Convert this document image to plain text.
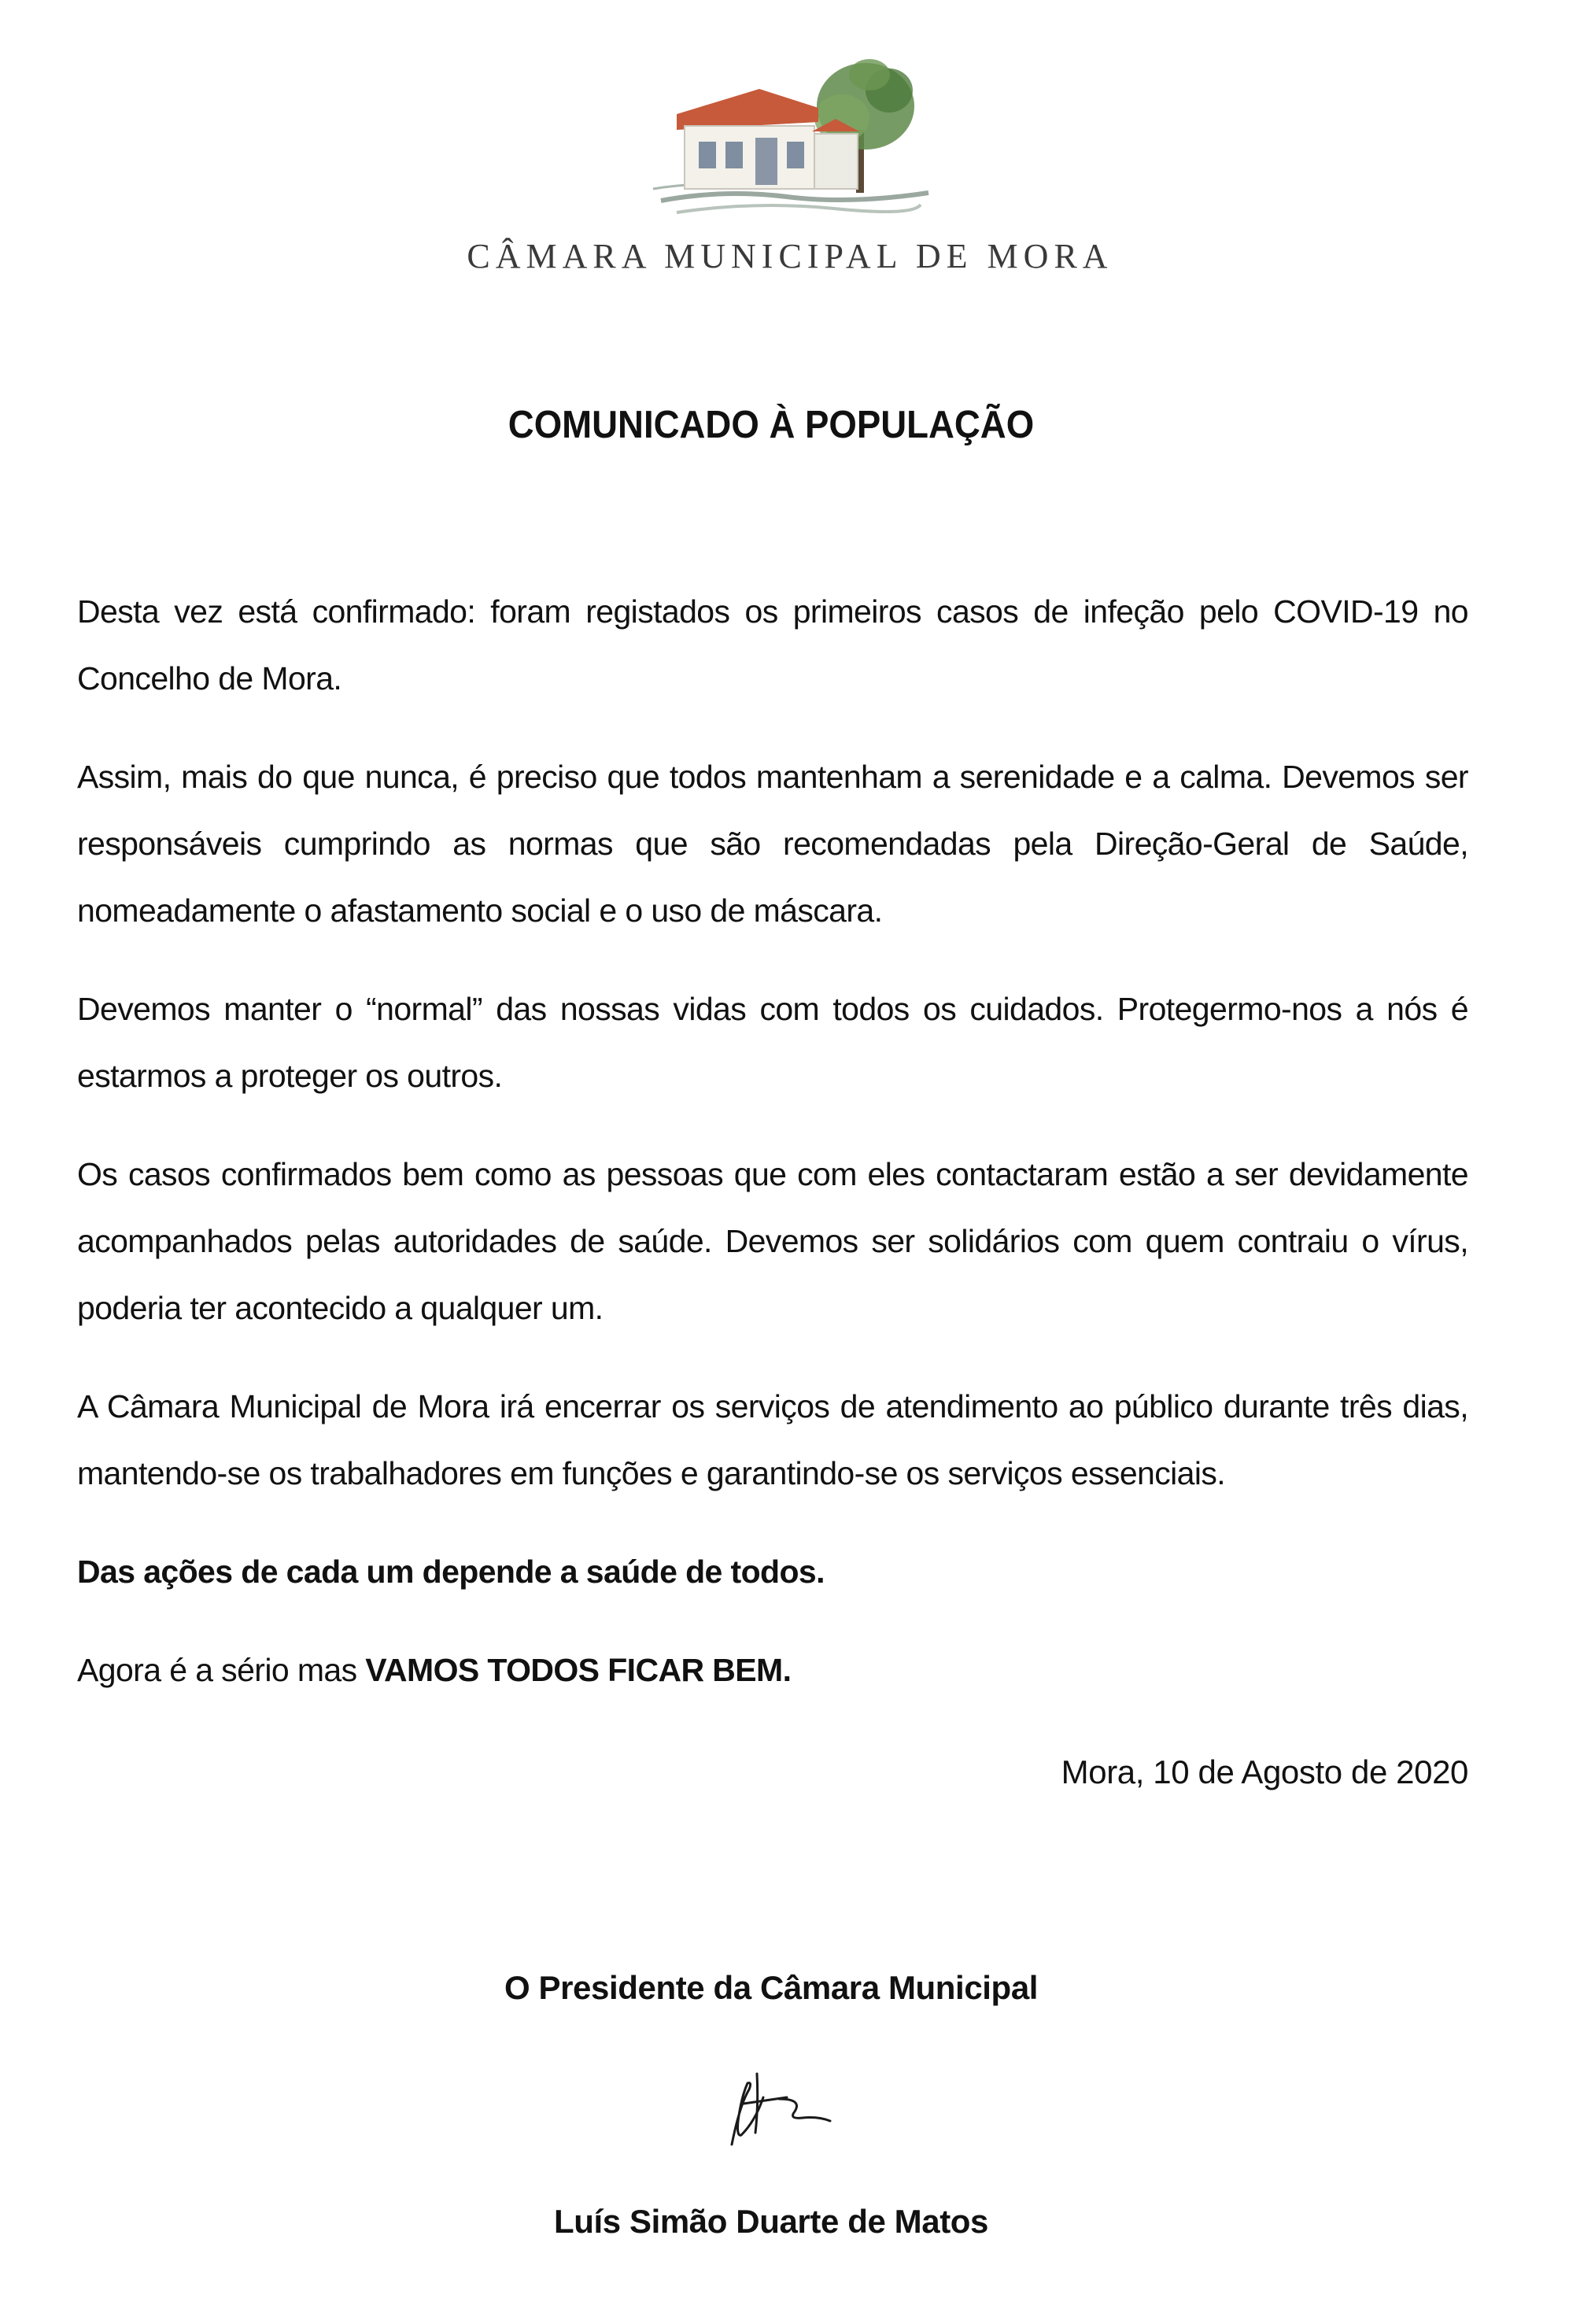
CÂMARA MUNICIPAL DE MORA
COMUNICADO À POPULAÇÃO

Desta vez está confirmado: foram registados os primeiros casos de infeção pelo COVID-19 no Concelho de Mora.

Assim, mais do que nunca, é preciso que todos mantenham a serenidade e a calma. Devemos ser responsáveis cumprindo as normas que são recomendadas pela Direção-Geral de Saúde, nomeadamente o afastamento social e o uso de máscara.

Devemos manter o “normal” das nossas vidas com todos os cuidados. Protegermo-nos a nós é estarmos a proteger os outros.

Os casos confirmados bem como as pessoas que com eles contactaram estão a ser devidamente acompanhados pelas autoridades de saúde. Devemos ser solidários com quem contraiu o vírus, poderia ter acontecido a qualquer um.

A Câmara Municipal de Mora irá encerrar os serviços de atendimento ao público durante três dias, mantendo-se os trabalhadores em funções e garantindo-se os serviços essenciais.

Das ações de cada um depende a saúde de todos.

Agora é a sério mas VAMOS TODOS FICAR BEM.

Mora, 10 de Agosto de 2020
O Presidente da Câmara Municipal
Luís Simão Duarte de Matos
